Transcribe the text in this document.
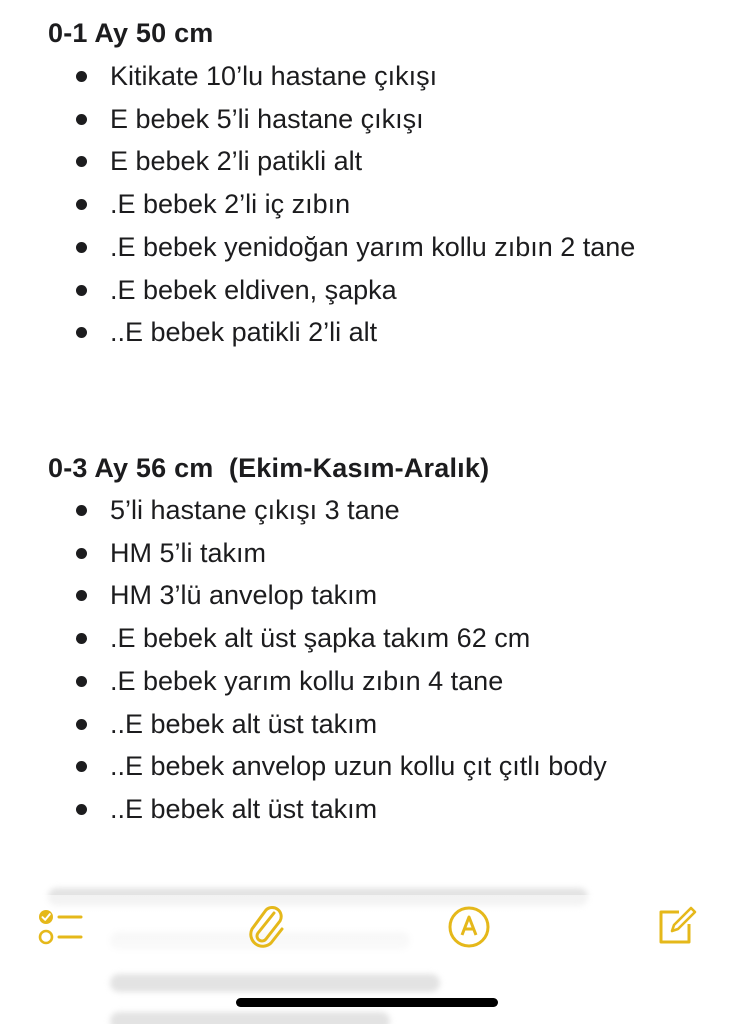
0-1 Ay 50 cm
Kitikate 10’lu hastane çıkışı
E bebek 5’li hastane çıkışı
E bebek 2’li patikli alt
.E bebek 2’li iç zıbın
.E bebek yenidoğan yarım kollu zıbın 2 tane
.E bebek eldiven, şapka
..E bebek patikli 2’li alt
0-3 Ay 56 cm  (Ekim-Kasım-Aralık)
5’li hastane çıkışı 3 tane
HM 5’li takım
HM 3’lü anvelop takım
.E bebek alt üst şapka takım 62 cm
.E bebek yarım kollu zıbın 4 tane
..E bebek alt üst takım
..E bebek anvelop uzun kollu çıt çıtlı body
..E bebek alt üst takım
